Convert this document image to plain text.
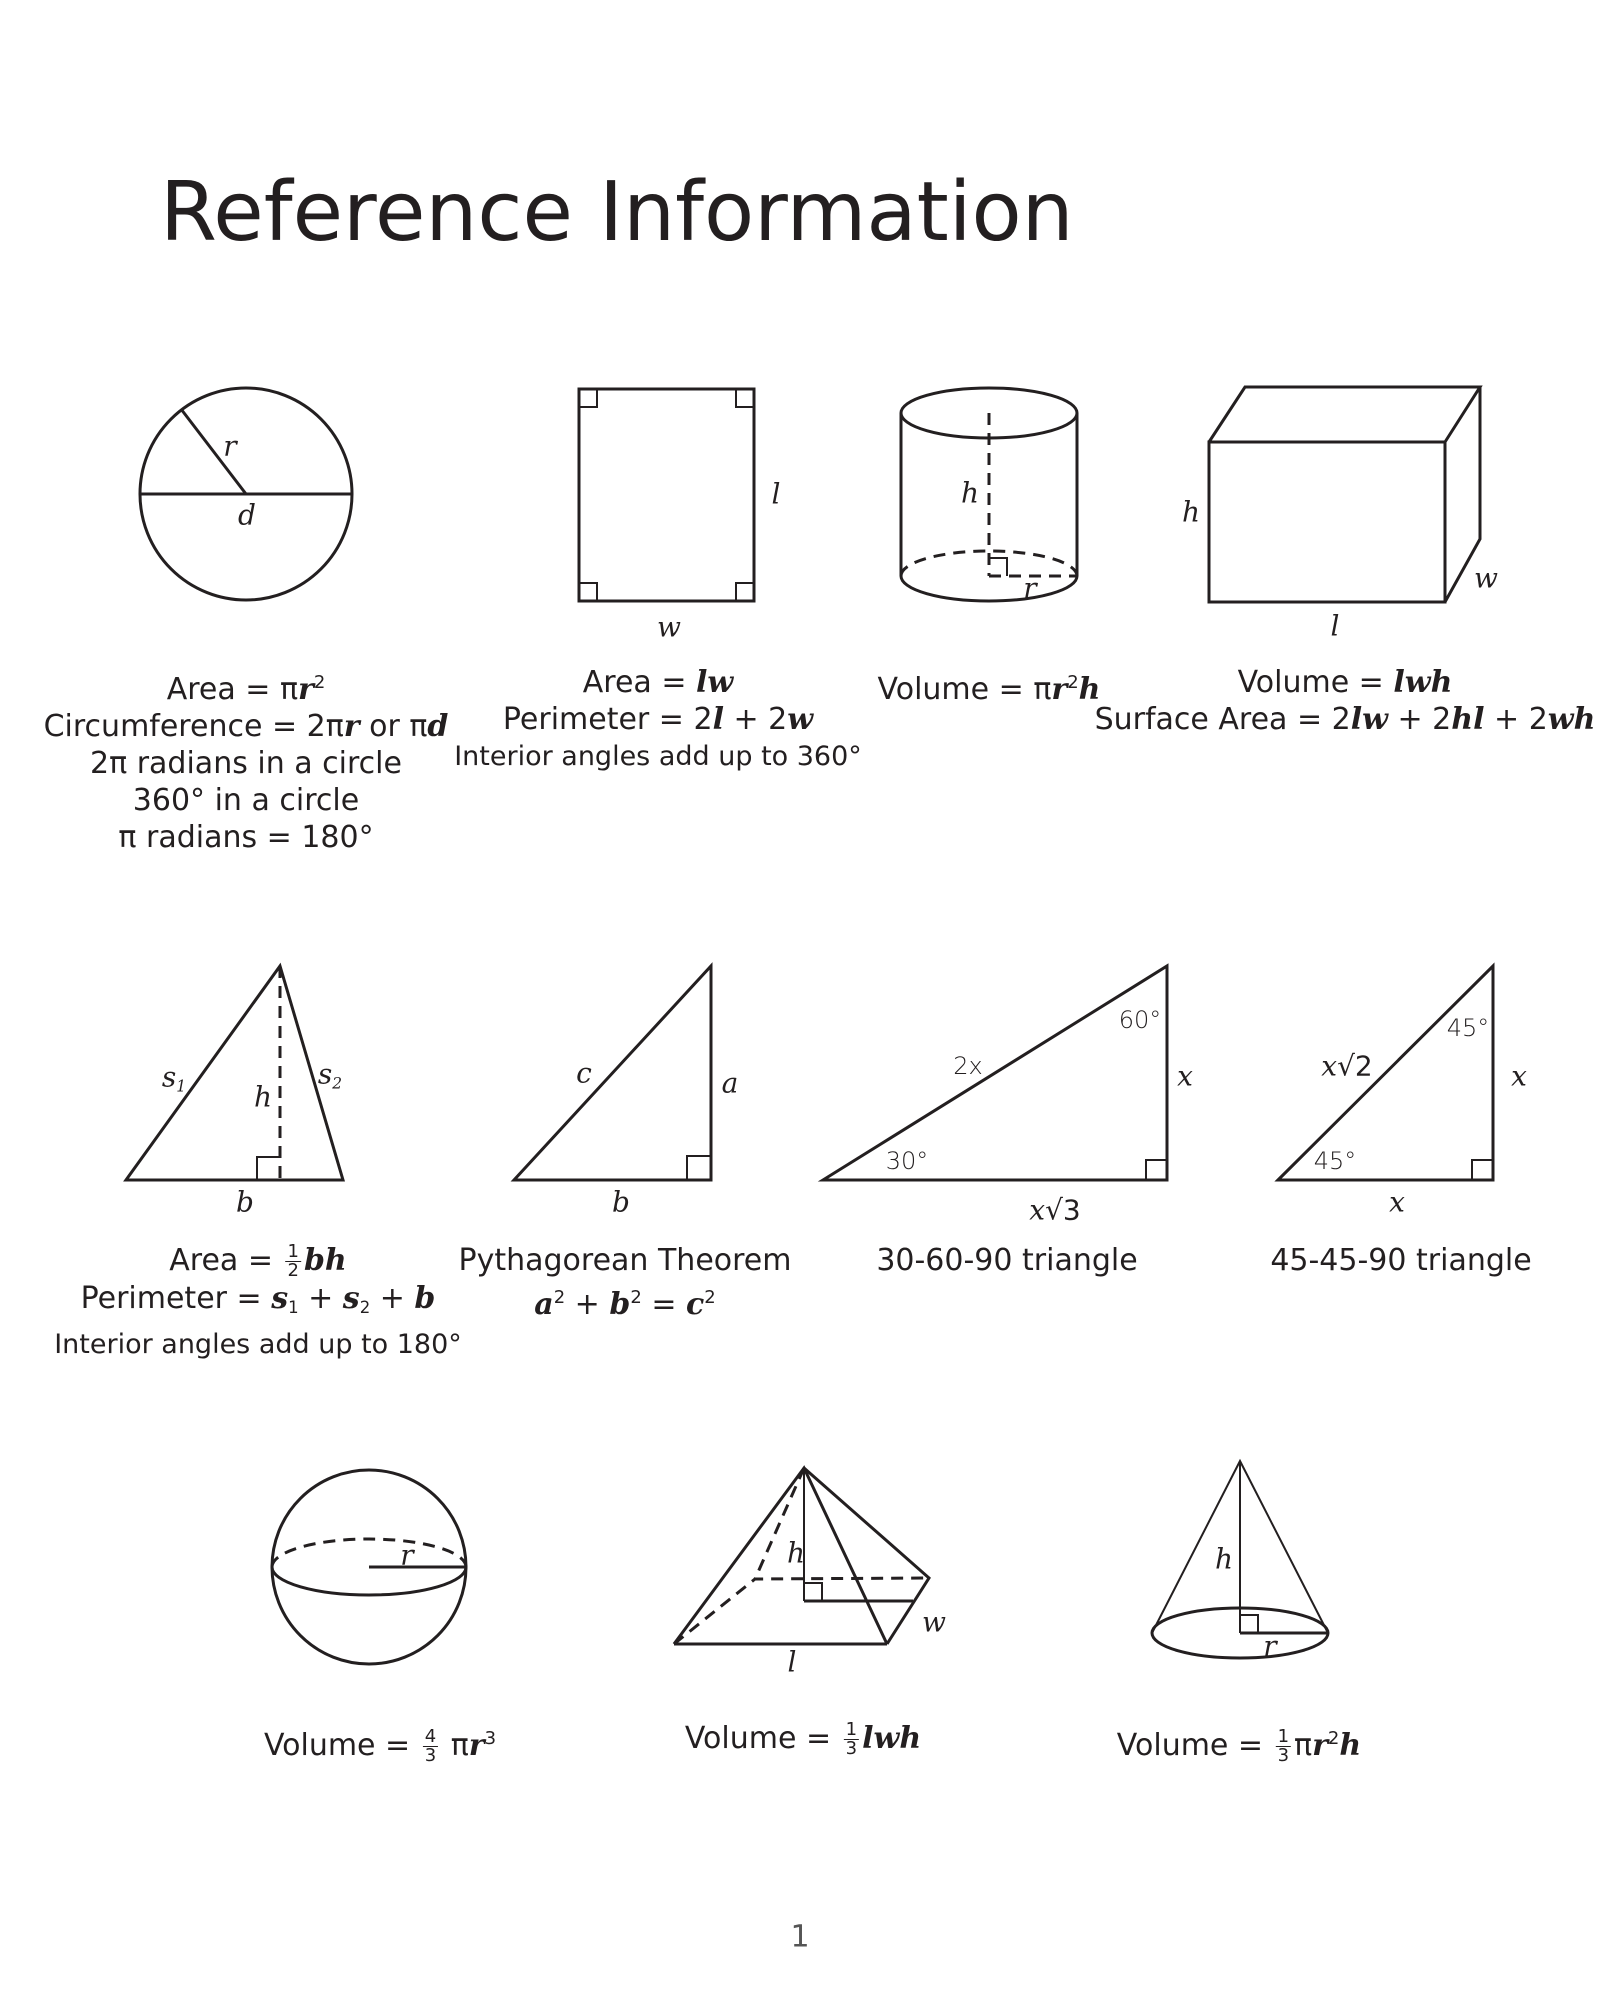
Reference Information
r
d
l
w
h
r
h
l
w
$s_1$	$s_2$
h
b
c	a
b
2x	x
x√3
60°
30°
x√2	x
x
45°
45°
r	h
w
l
h
r
Area = $\pi r^2$
Circumference = 2πr or πd
2π radians in a circle
360° in a circle
π radians = 180°
Area = lw
Perimeter = 2l + 2w
Interior angles add up to 360°
Volume = $\pi r^2h$	Volume = lwh
Surface Area = 2lw + 2hl + 2wh
Area = $\frac{1}{2}$ bh
Perimeter = $s_1 + s_2 + b$
Interior angles add up to 180°
Pythagorean Theorem
$a^2 + b^2 = c^2$
30-60-90 triangle	45-45-90 triangle
Volume = $\frac{4}{3} \pi r^3$	Volume = $\frac{1}{3}$ lwh	Volume = $\frac{1}{3} \pi r^2h$
1
